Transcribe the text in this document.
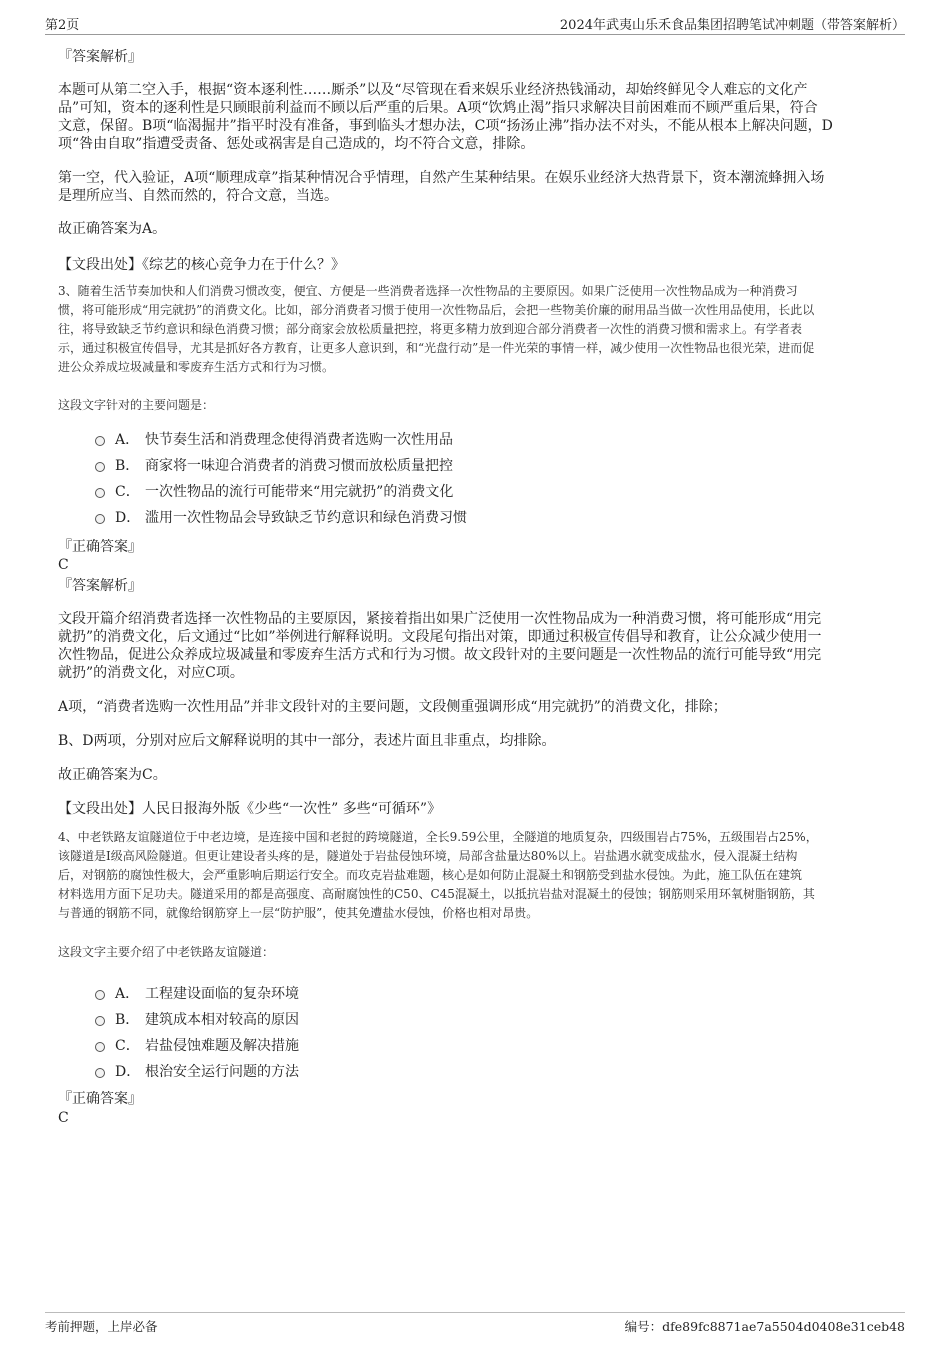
第2页	2024年武夷山乐禾食品集团招聘笔试冲刺题（带答案解析）

『答案解析』

本题可从第二空入手，根据“资本逐利性……厮杀”以及“尽管现在看来娱乐业经济热钱涌动，却始终鲜见令人难忘的文化产

品”可知，资本的逐利性是只顾眼前利益而不顾以后严重的后果。A项“饮鸩止渴”指只求解决目前困难而不顾严重后果，符合

文意，保留。B项“临渴掘井”指平时没有准备，事到临头才想办法，C项“扬汤止沸”指办法不对头，不能从根本上解决问题，D

项“咎由自取”指遭受责备、惩处或祸害是自己造成的，均不符合文意，排除。

第一空，代入验证，A项“顺理成章”指某种情况合乎情理，自然产生某种结果。在娱乐业经济大热背景下，资本潮流蜂拥入场

是理所应当、自然而然的，符合文意，当选。

故正确答案为A。

【文段出处】《综艺的核心竞争力在于什么？》

3、随着生活节奏加快和人们消费习惯改变，便宜、方便是一些消费者选择一次性物品的主要原因。如果广泛使用一次性物品成为一种消费习

惯，将可能形成“用完就扔”的消费文化。比如，部分消费者习惯于使用一次性物品后，会把一些物美价廉的耐用品当做一次性用品使用，长此以

往，将导致缺乏节约意识和绿色消费习惯；部分商家会放松质量把控，将更多精力放到迎合部分消费者一次性的消费习惯和需求上。有学者表

示，通过积极宣传倡导，尤其是抓好各方教育，让更多人意识到，和“光盘行动”是一件光荣的事情一样，减少使用一次性物品也很光荣，进而促

进公众养成垃圾减量和零废弃生活方式和行为习惯。

这段文字针对的主要问题是：

A． 快节奏生活和消费理念使得消费者选购一次性用品
B． 商家将一味迎合消费者的消费习惯而放松质量把控
C． 一次性物品的流行可能带来“用完就扔”的消费文化
D． 滥用一次性物品会导致缺乏节约意识和绿色消费习惯

『正确答案』

C

『答案解析』

文段开篇介绍消费者选择一次性物品的主要原因，紧接着指出如果广泛使用一次性物品成为一种消费习惯，将可能形成“用完

就扔”的消费文化，后文通过“比如”举例进行解释说明。文段尾句指出对策，即通过积极宣传倡导和教育，让公众减少使用一

次性物品，促进公众养成垃圾减量和零废弃生活方式和行为习惯。故文段针对的主要问题是一次性物品的流行可能导致“用完

就扔”的消费文化，对应C项。

A项，“消费者选购一次性用品”并非文段针对的主要问题，文段侧重强调形成“用完就扔”的消费文化，排除；

B、D两项，分别对应后文解释说明的其中一部分，表述片面且非重点，均排除。

故正确答案为C。

【文段出处】人民日报海外版《少些“一次性” 多些“可循环”》

4、中老铁路友谊隧道位于中老边境，是连接中国和老挝的跨境隧道，全长9.59公里，全隧道的地质复杂，四级围岩占75%，五级围岩占25%，

该隧道是I级高风险隧道。但更让建设者头疼的是，隧道处于岩盐侵蚀环境，局部含盐量达80%以上。岩盐遇水就变成盐水，侵入混凝土结构

后，对钢筋的腐蚀性极大，会严重影响后期运行安全。而攻克岩盐难题，核心是如何防止混凝土和钢筋受到盐水侵蚀。为此，施工队伍在建筑

材料选用方面下足功夫。隧道采用的都是高强度、高耐腐蚀性的C50、C45混凝土，以抵抗岩盐对混凝土的侵蚀；钢筋则采用环氧树脂钢筋，其

与普通的钢筋不同，就像给钢筋穿上一层“防护服”，使其免遭盐水侵蚀，价格也相对昂贵。

这段文字主要介绍了中老铁路友谊隧道：

A． 工程建设面临的复杂环境
B． 建筑成本相对较高的原因
C． 岩盐侵蚀难题及解决措施
D． 根治安全运行问题的方法

『正确答案』

C

考前押题，上岸必备	编号：dfe89fc8871ae7a5504d0408e31ceb48
